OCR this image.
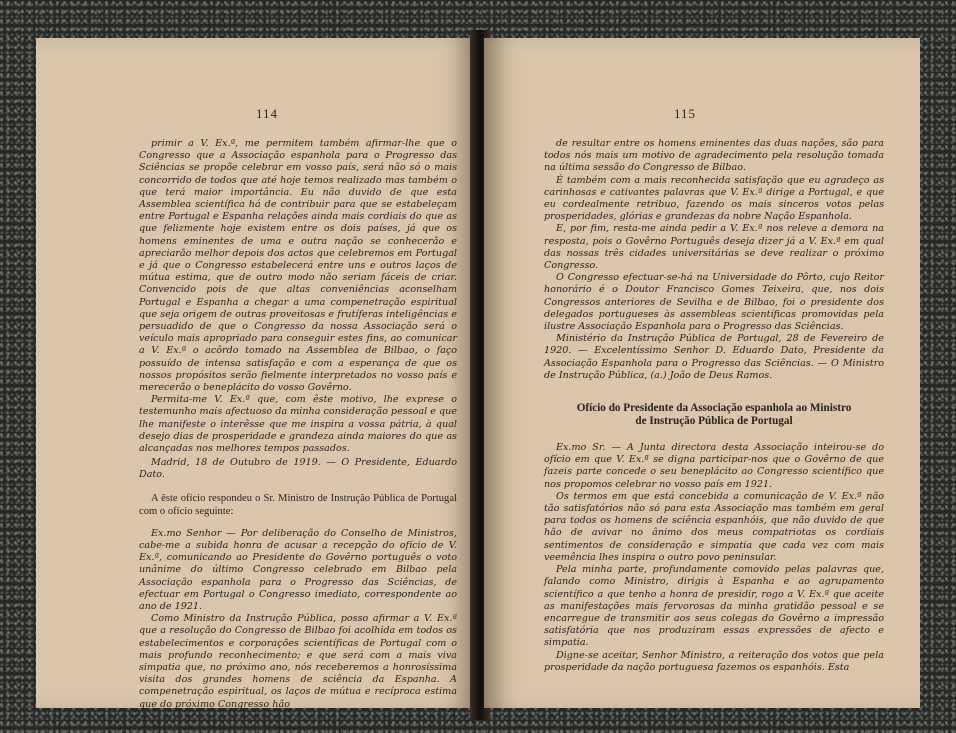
114

primir a V. Ex.ª, me permitem também afirmar-lhe que o Congresso que a Associação espanhola para o Progresso das Sciências se propõe celebrar em vosso país, será não só o mais concorrido de todos que até hoje temos realizado mas também o que terá maior importância. Eu não duvido de que esta Assemblea scientífica há de contribuir para que se estabeleçam entre Portugal e Espanha relações ainda mais cordiais do que as que felizmente hoje existem entre os dois países, já que os homens eminentes de uma e outra nação se conhecerão e apreciarão melhor depois dos actos que celebremos em Portugal e já que o Congresso estabelecerá entre uns e outros laços de mútua estima, que de outro modo não seriam fáceis de criar. Convencido pois de que altas conveniências aconselham Portugal e Espanha a chegar a uma compenetração espiritual que seja origem de outras proveitosas e frutíferas inteligências e persuadido de que o Congresso da nossa Associação será o veículo mais apropriado para conseguir estes fins, ao comunicar a V. Ex.ª o acôrdo tomado na Assemblea de Bilbao, o faço possuído de intensa satisfação e com a esperança de que os nossos propósitos serão fielmente interpretados no vosso país e merecerão o beneplácito do vosso Govêrno.

Permita-me V. Ex.ª que, com êste motivo, lhe exprese o testemunho mais afectuoso da minha consideração pessoal e que lhe manifeste o interêsse que me inspira a vossa pátria, à qual desejo dias de prosperidade e grandeza ainda maiores do que as alcançadas nos melhores tempos passados.

Madrid, 18 de Outubro de 1919. — O Presidente, Eduardo Dato.

A êste ofício respondeu o Sr. Ministro de Instrução Pública de Portugal com o ofício seguinte:

Ex.mo Senhor — Por deliberação do Conselho de Ministros, cabe-me a subida honra de acusar a recepção do ofício de V. Ex.ª, comunicando ao Presidente do Govêrno português o voto unânime do último Congresso celebrado em Bilbao pela Associação espanhola para o Progresso das Sciências, de efectuar em Portugal o Congresso imediato, correspondente ao ano de 1921.

Como Ministro da Instrução Pública, posso afirmar a V. Ex.ª que a resolução do Congresso de Bilbao foi acolhida em todos os estabelecimentos e corporações scientíficas de Portugal com o mais profundo reconhecimento; e que será com a mais viva simpatia que, no próximo ano, nós receberemos a honrosíssima visita dos grandes homens de sciência da Espanha. A compenetração espiritual, os laços de mútua e recíproca estima que do próximo Congresso hão

115

de resultar entre os homens eminentes das duas nações, são para todos nós mais um motivo de agradecimento pela resolução tomada na última sessão do Congresso de Bilbao.

É também com a mais reconhecida satisfação que eu agradeço as carinhosas e cativantes palavras que V. Ex.ª dirige a Portugal, e que eu cordealmente retribuo, fazendo os mais sinceros votos pelas prosperidades, glórias e grandezas da nobre Nação Espanhola.

E, por fim, resta-me ainda pedir a V. Ex.ª nos releve a demora na resposta, pois o Govêrno Português deseja dizer já a V. Ex.ª em qual das nossas três cidades universitárias se deve realizar o próximo Congresso.

O Congresso efectuar-se-há na Universidade do Pôrto, cujo Reitor honorário é o Doutor Francisco Gomes Teixeira, que, nos dois Congressos anteriores de Sevilha e de Bilbao, foi o presidente dos delegados portugueses às assembleas scientíficas promovidas pela ilustre Associação Espanhola para o Progresso das Sciências.

Ministério da Instrução Pública de Portugal, 28 de Fevereiro de 1920. — Excelentíssimo Senhor D. Eduardo Dato, Presidente da Associação Espanhola para o Progresso das Sciências. — O Ministro de Instrução Pública, (a.) João de Deus Ramos.

Ofício do Presidente da Associação espanhola ao Ministro
de Instrução Pública de Portugal

Ex.mo Sr. — A Junta directora desta Associação inteirou-se do ofício em que V. Ex.ª se digna participar-nos que o Govêrno de que fazeis parte concede o seu beneplácito ao Congresso scientífico que nos propomos celebrar no vosso país em 1921.

Os termos em que está concebida a comunicação de V. Ex.ª não tão satisfatórios não só para esta Associação mas também em geral para todos os homens de sciência espanhóis, que não duvido de que hão de avivar no ânimo dos meus compatriotas os cordiais sentimentos de consideração e simpatia que cada vez com mais veemência lhes inspira o outro povo peninsular.

Pela minha parte, profundamente comovido pelas palavras que, falando como Ministro, dirigis à Espanha e ao agrupamento scientífico a que tenho a honra de presidir, rogo a V. Ex.ª que aceite as manifestações mais fervorosas da minha gratidão pessoal e se encarregue de transmitir aos seus colegas do Govêrno a impressão satisfatória que nos produziram essas expressões de afecto e simpatia.

Digne-se aceitar, Senhor Ministro, a reiteração dos votos que pela prosperidade da nação portuguesa fazemos os espanhóis. Esta
